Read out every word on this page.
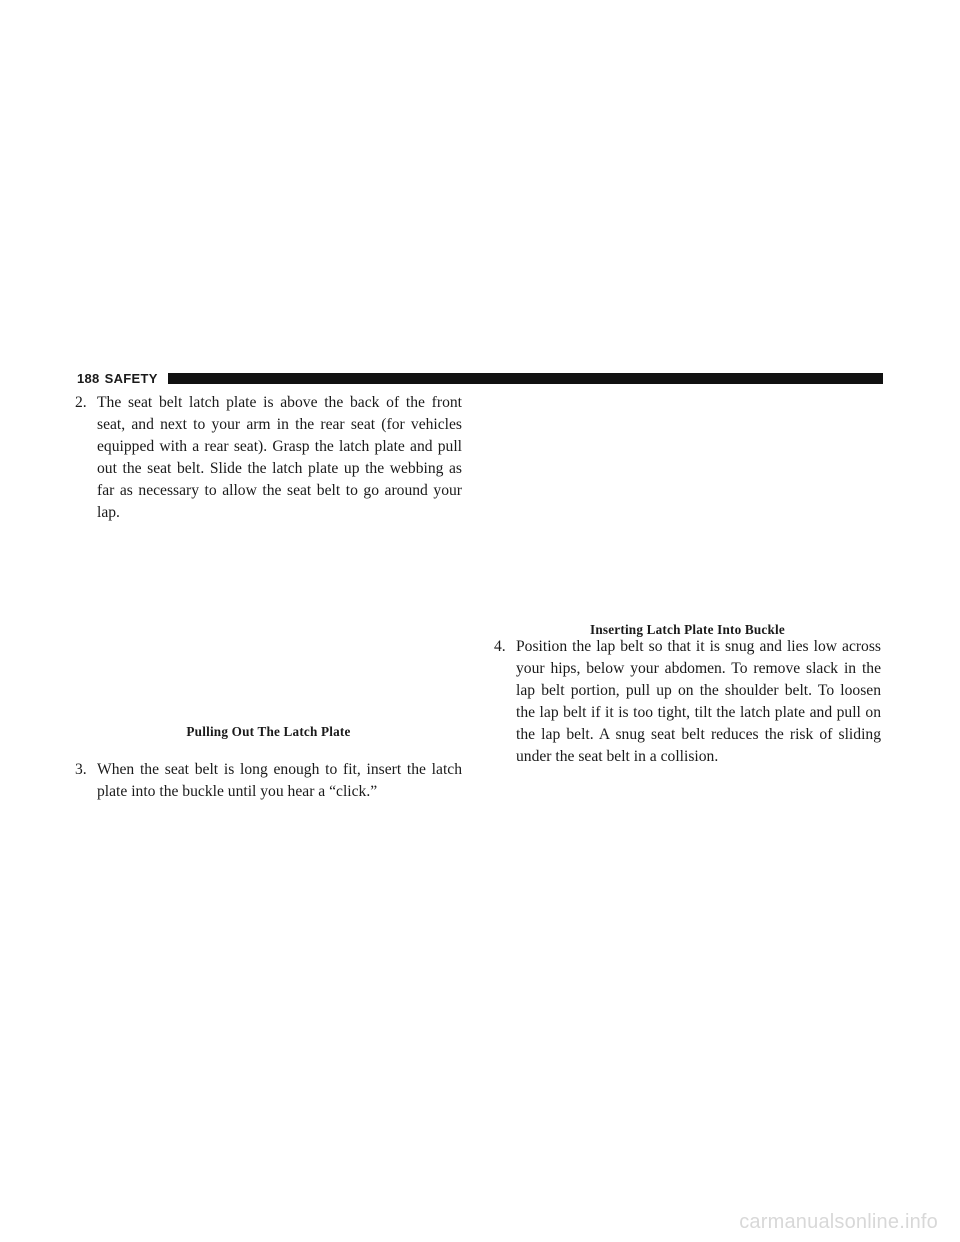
188 SAFETY

2. The seat belt latch plate is above the back of the front seat, and next to your arm in the rear seat (for vehicles equipped with a rear seat). Grasp the latch plate and pull out the seat belt. Slide the latch plate up the webbing as far as necessary to allow the seat belt to go around your lap.

Pulling Out The Latch Plate

3. When the seat belt is long enough to fit, insert the latch plate into the buckle until you hear a “click.”

Inserting Latch Plate Into Buckle

4. Position the lap belt so that it is snug and lies low across your hips, below your abdomen. To remove slack in the lap belt portion, pull up on the shoulder belt. To loosen the lap belt if it is too tight, tilt the latch plate and pull on the lap belt. A snug seat belt reduces the risk of sliding under the seat belt in a collision.

carmanualsonline.info
